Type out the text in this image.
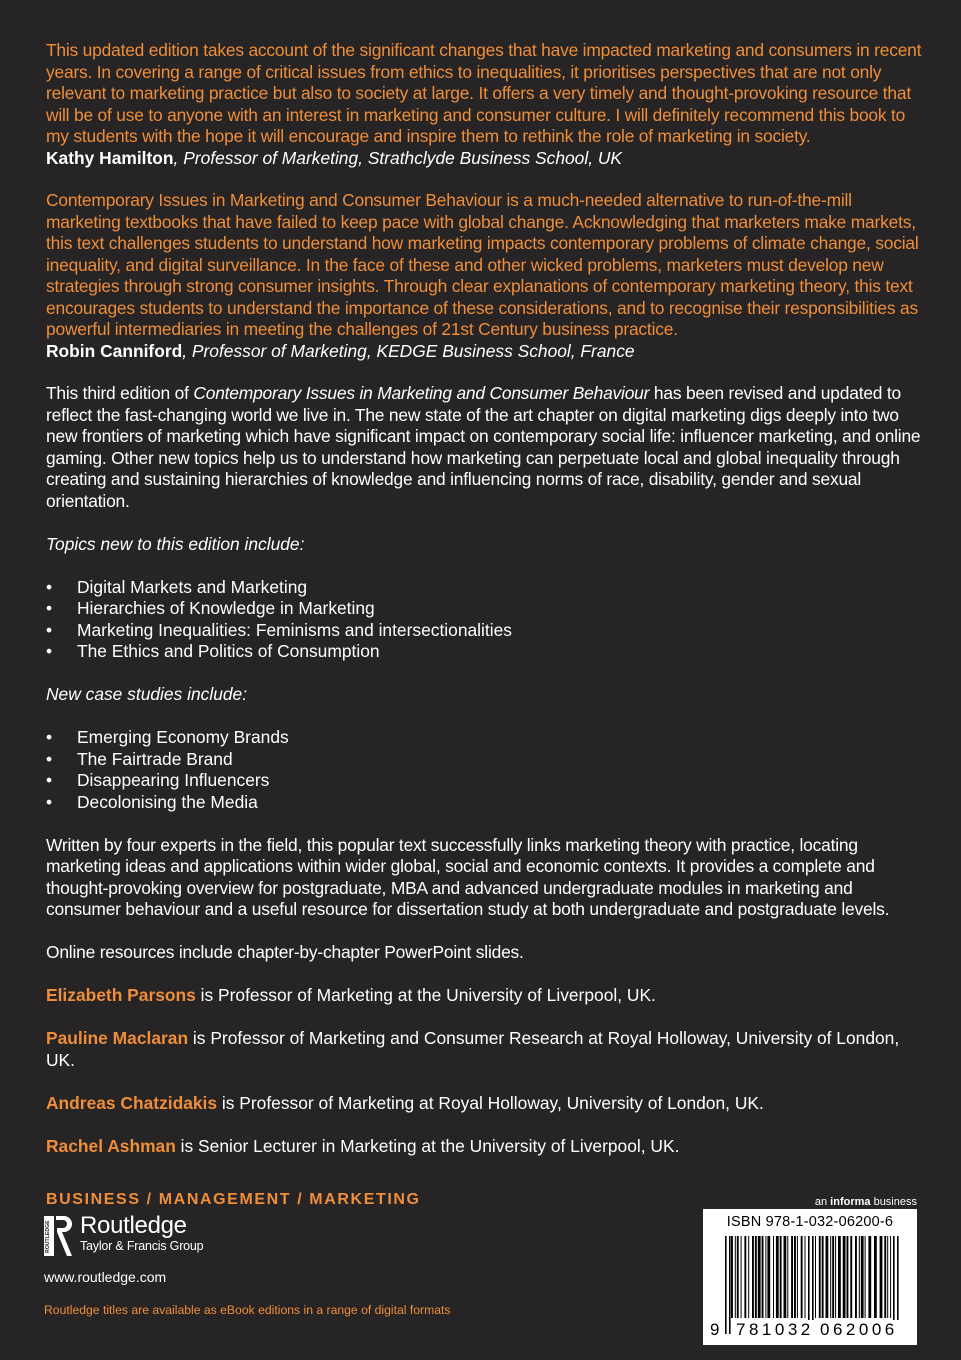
This updated edition takes account of the significant changes that have impacted marketing and consumers in recent years. In covering a range of critical issues from ethics to inequalities, it prioritises perspectives that are not only relevant to marketing practice but also to society at large. It offers a very timely and thought-provoking resource that will be of use to anyone with an interest in marketing and consumer culture. I will definitely recommend this book to my students with the hope it will encourage and inspire them to rethink the role of marketing in society.

Kathy Hamilton, Professor of Marketing, Strathclyde Business School, UK

Contemporary Issues in Marketing and Consumer Behaviour is a much-needed alternative to run-of-the-mill marketing textbooks that have failed to keep pace with global change. Acknowledging that marketers make markets, this text challenges students to understand how marketing impacts contemporary problems of climate change, social inequality, and digital surveillance. In the face of these and other wicked problems, marketers must develop new strategies through strong consumer insights. Through clear explanations of contemporary marketing theory, this text encourages students to understand the importance of these considerations, and to recognise their responsibilities as powerful intermediaries in meeting the challenges of 21st Century business practice.

Robin Canniford, Professor of Marketing, KEDGE Business School, France

This third edition of Contemporary Issues in Marketing and Consumer Behaviour has been revised and updated to reflect the fast-changing world we live in. The new state of the art chapter on digital marketing digs deeply into two new frontiers of marketing which have significant impact on contemporary social life: influencer marketing, and online gaming. Other new topics help us to understand how marketing can perpetuate local and global inequality through creating and sustaining hierarchies of knowledge and influencing norms of race, disability, gender and sexual orientation.

Topics new to this edition include:

• Digital Markets and Marketing
• Hierarchies of Knowledge in Marketing
• Marketing Inequalities: Feminisms and intersectionalities
• The Ethics and Politics of Consumption

New case studies include:

• Emerging Economy Brands
• The Fairtrade Brand
• Disappearing Influencers
• Decolonising the Media

Written by four experts in the field, this popular text successfully links marketing theory with practice, locating marketing ideas and applications within wider global, social and economic contexts. It provides a complete and thought-provoking overview for postgraduate, MBA and advanced undergraduate modules in marketing and consumer behaviour and a useful resource for dissertation study at both undergraduate and postgraduate levels.

Online resources include chapter-by-chapter PowerPoint slides.

Elizabeth Parsons is Professor of Marketing at the University of Liverpool, UK.

Pauline Maclaran is Professor of Marketing and Consumer Research at Royal Holloway, University of London, UK.

Andreas Chatzidakis is Professor of Marketing at Royal Holloway, University of London, UK.

Rachel Ashman is Senior Lecturer in Marketing at the University of Liverpool, UK.

BUSINESS / MANAGEMENT / MARKETING

ROUTLEDGE Routledge
Taylor & Francis Group
www.routledge.com
Routledge titles are available as eBook editions in a range of digital formats
an informa business
ISBN 978-1-032-06200-6
9 781032 062006
